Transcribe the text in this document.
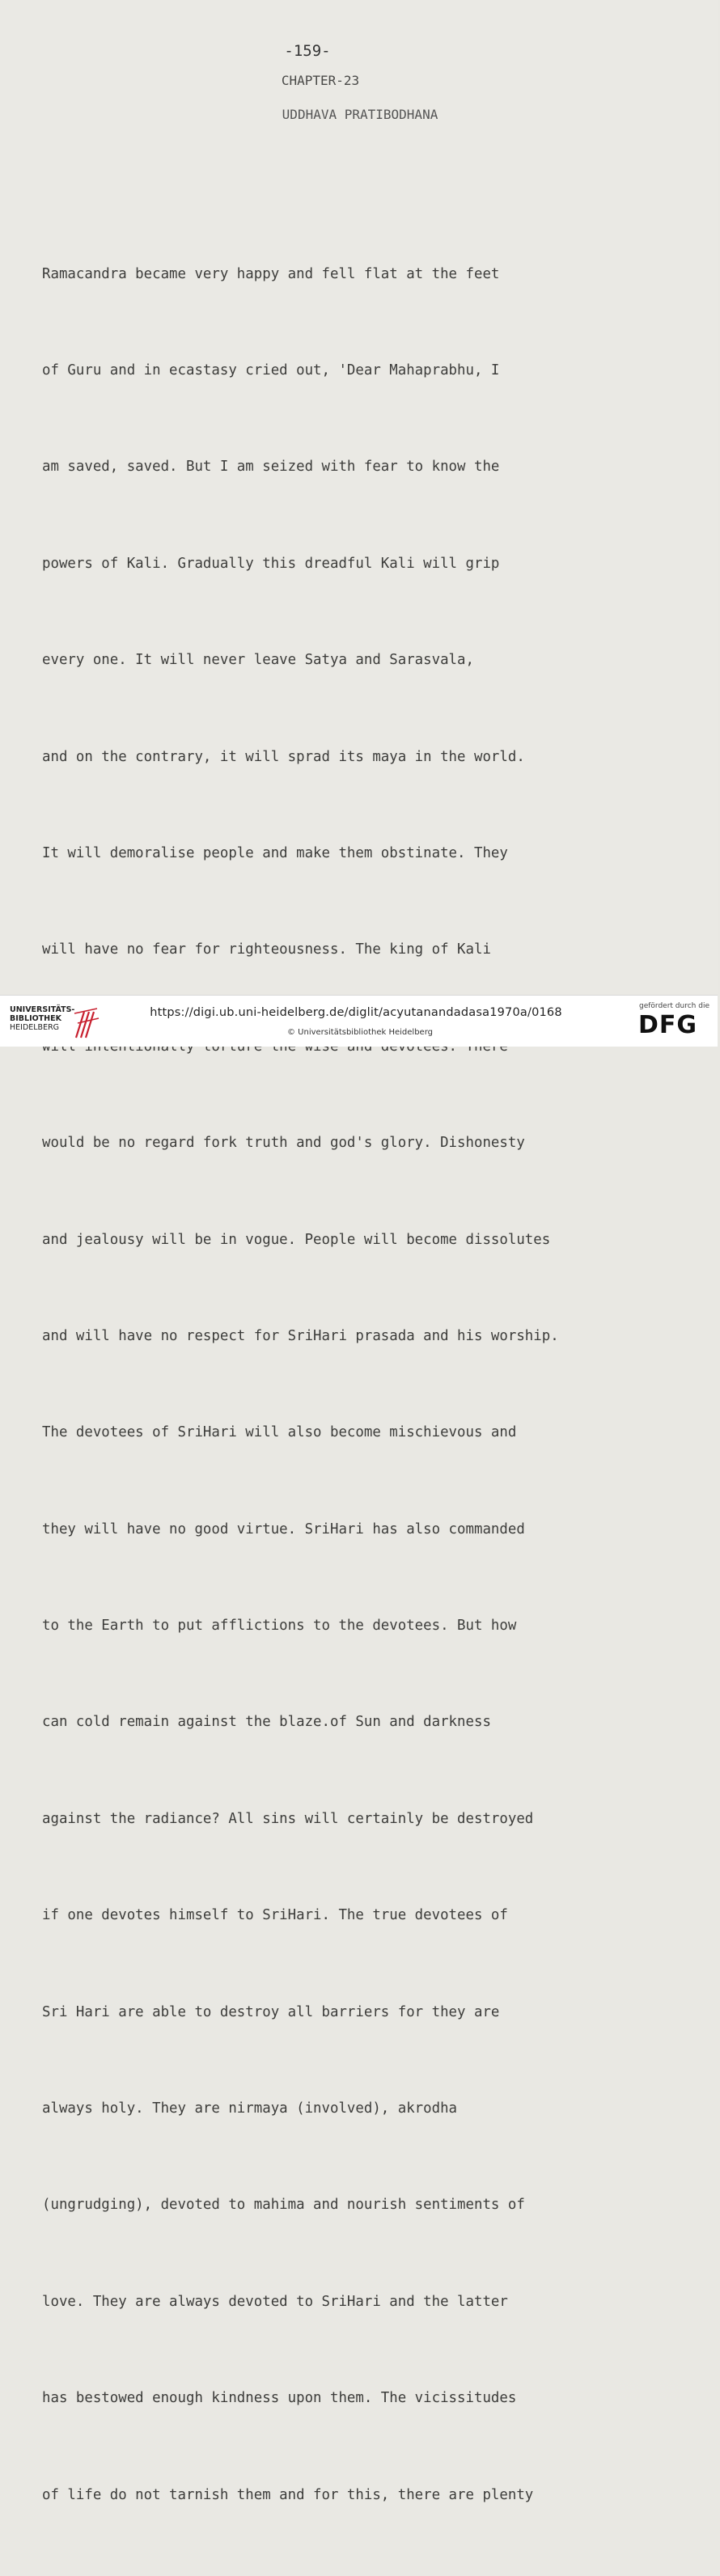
-159-
CHAPTER-23
UDDHAVA PRATIBODHANA

Ramacandra became very happy and fell flat at the feet

of Guru and in ecastasy cried out, 'Dear Mahaprabhu, I

am saved, saved. But I am seized with fear to know the

powers of Kali. Gradually this dreadful Kali will grip

every one. It will never leave Satya and Sarasvala,

and on the contrary, it will sprad its maya in the world.

It will demoralise people and make them obstinate. They

will have no fear for righteousness. The king of Kali

would be no regard fork truth and god's glory. Dishonesty

and jealousy will be in vogue. People will become dissolutes

and will have no respect for SriHari prasada and his worship.

The devotees of SriHari will also become mischievous and

they will have no good virtue. SriHari has also commanded

to the Earth to put afflictions to the devotees. But how

can cold remain against the blaze.of Sun and darkness

against the radiance? All sins will certainly be destroyed

if one devotes himself to SriHari. The true devotees of

Sri Hari are able to destroy all barriers for they are

always holy. They are nirmaya (involved), akrodha

(ungrudging), devoted to mahima and nourish sentiments of

love. They are always devoted to SriHari and the latter

has bestowed enough kindness upon them. The vicissitudes

of life do not tarnish them and for this, there are plenty

UNIVERSITÄTS-
BIBLIOTHEK
HEIDELBERG
https://digi.ub.uni-heidelberg.de/diglit/acyutanandadasa1970a/0168
© Universitätsbibliothek Heidelberg
gefördert durch die
DFG
